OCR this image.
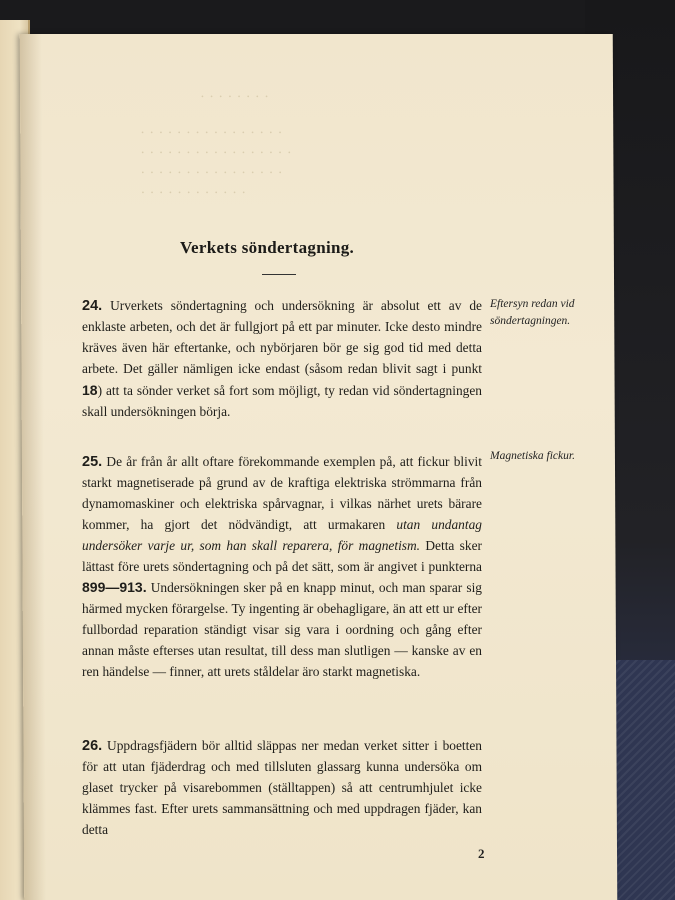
· · · · · · · ·
· · · · · · · · · · · · · · · ·
· · · · · · · · · · · · · · · · ·
· · · · · · · · · · · · · · · ·
· · · · · · · · · · · ·
Verkets söndertagning.
24. Urverkets söndertagning och undersökning är absolut ett av de enklaste arbeten, och det är fullgjort på ett par minuter. Icke desto mindre kräves även här eftertanke, och nybörjaren bör ge sig god tid med detta arbete. Det gäller nämligen icke endast (såsom redan blivit sagt i punkt 18) att ta sönder verket så fort som möjligt, ty redan vid söndertagningen skall undersökningen börja.
Eftersyn redan vid söndertagningen.
25. De år från år allt oftare förekommande exemplen på, att fickur blivit starkt magnetiserade på grund av de kraftiga elektriska strömmarna från dynamomaskiner och elektriska spårvagnar, i vilkas närhet urets bärare kommer, ha gjort det nödvändigt, att urmakaren utan undantag undersöker varje ur, som han skall reparera, för magnetism. Detta sker lättast före urets söndertagning och på det sätt, som är angivet i punkterna 899—913. Undersökningen sker på en knapp minut, och man sparar sig härmed mycken förargelse. Ty ingenting är obehagligare, än att ett ur efter fullbordad reparation ständigt visar sig vara i oordning och gång efter annan måste efterses utan resultat, till dess man slutligen — kanske av en ren händelse — finner, att urets ståldelar äro starkt magnetiska.
Magnetiska fickur.
26. Uppdragsfjädern bör alltid släppas ner medan verket sitter i boetten för att utan fjäderdrag och med tillsluten glassarg kunna undersöka om glaset trycker på visarebommen (ställtappen) så att centrumhjulet icke klämmes fast. Efter urets sammansättning och med uppdragen fjäder, kan detta
2
